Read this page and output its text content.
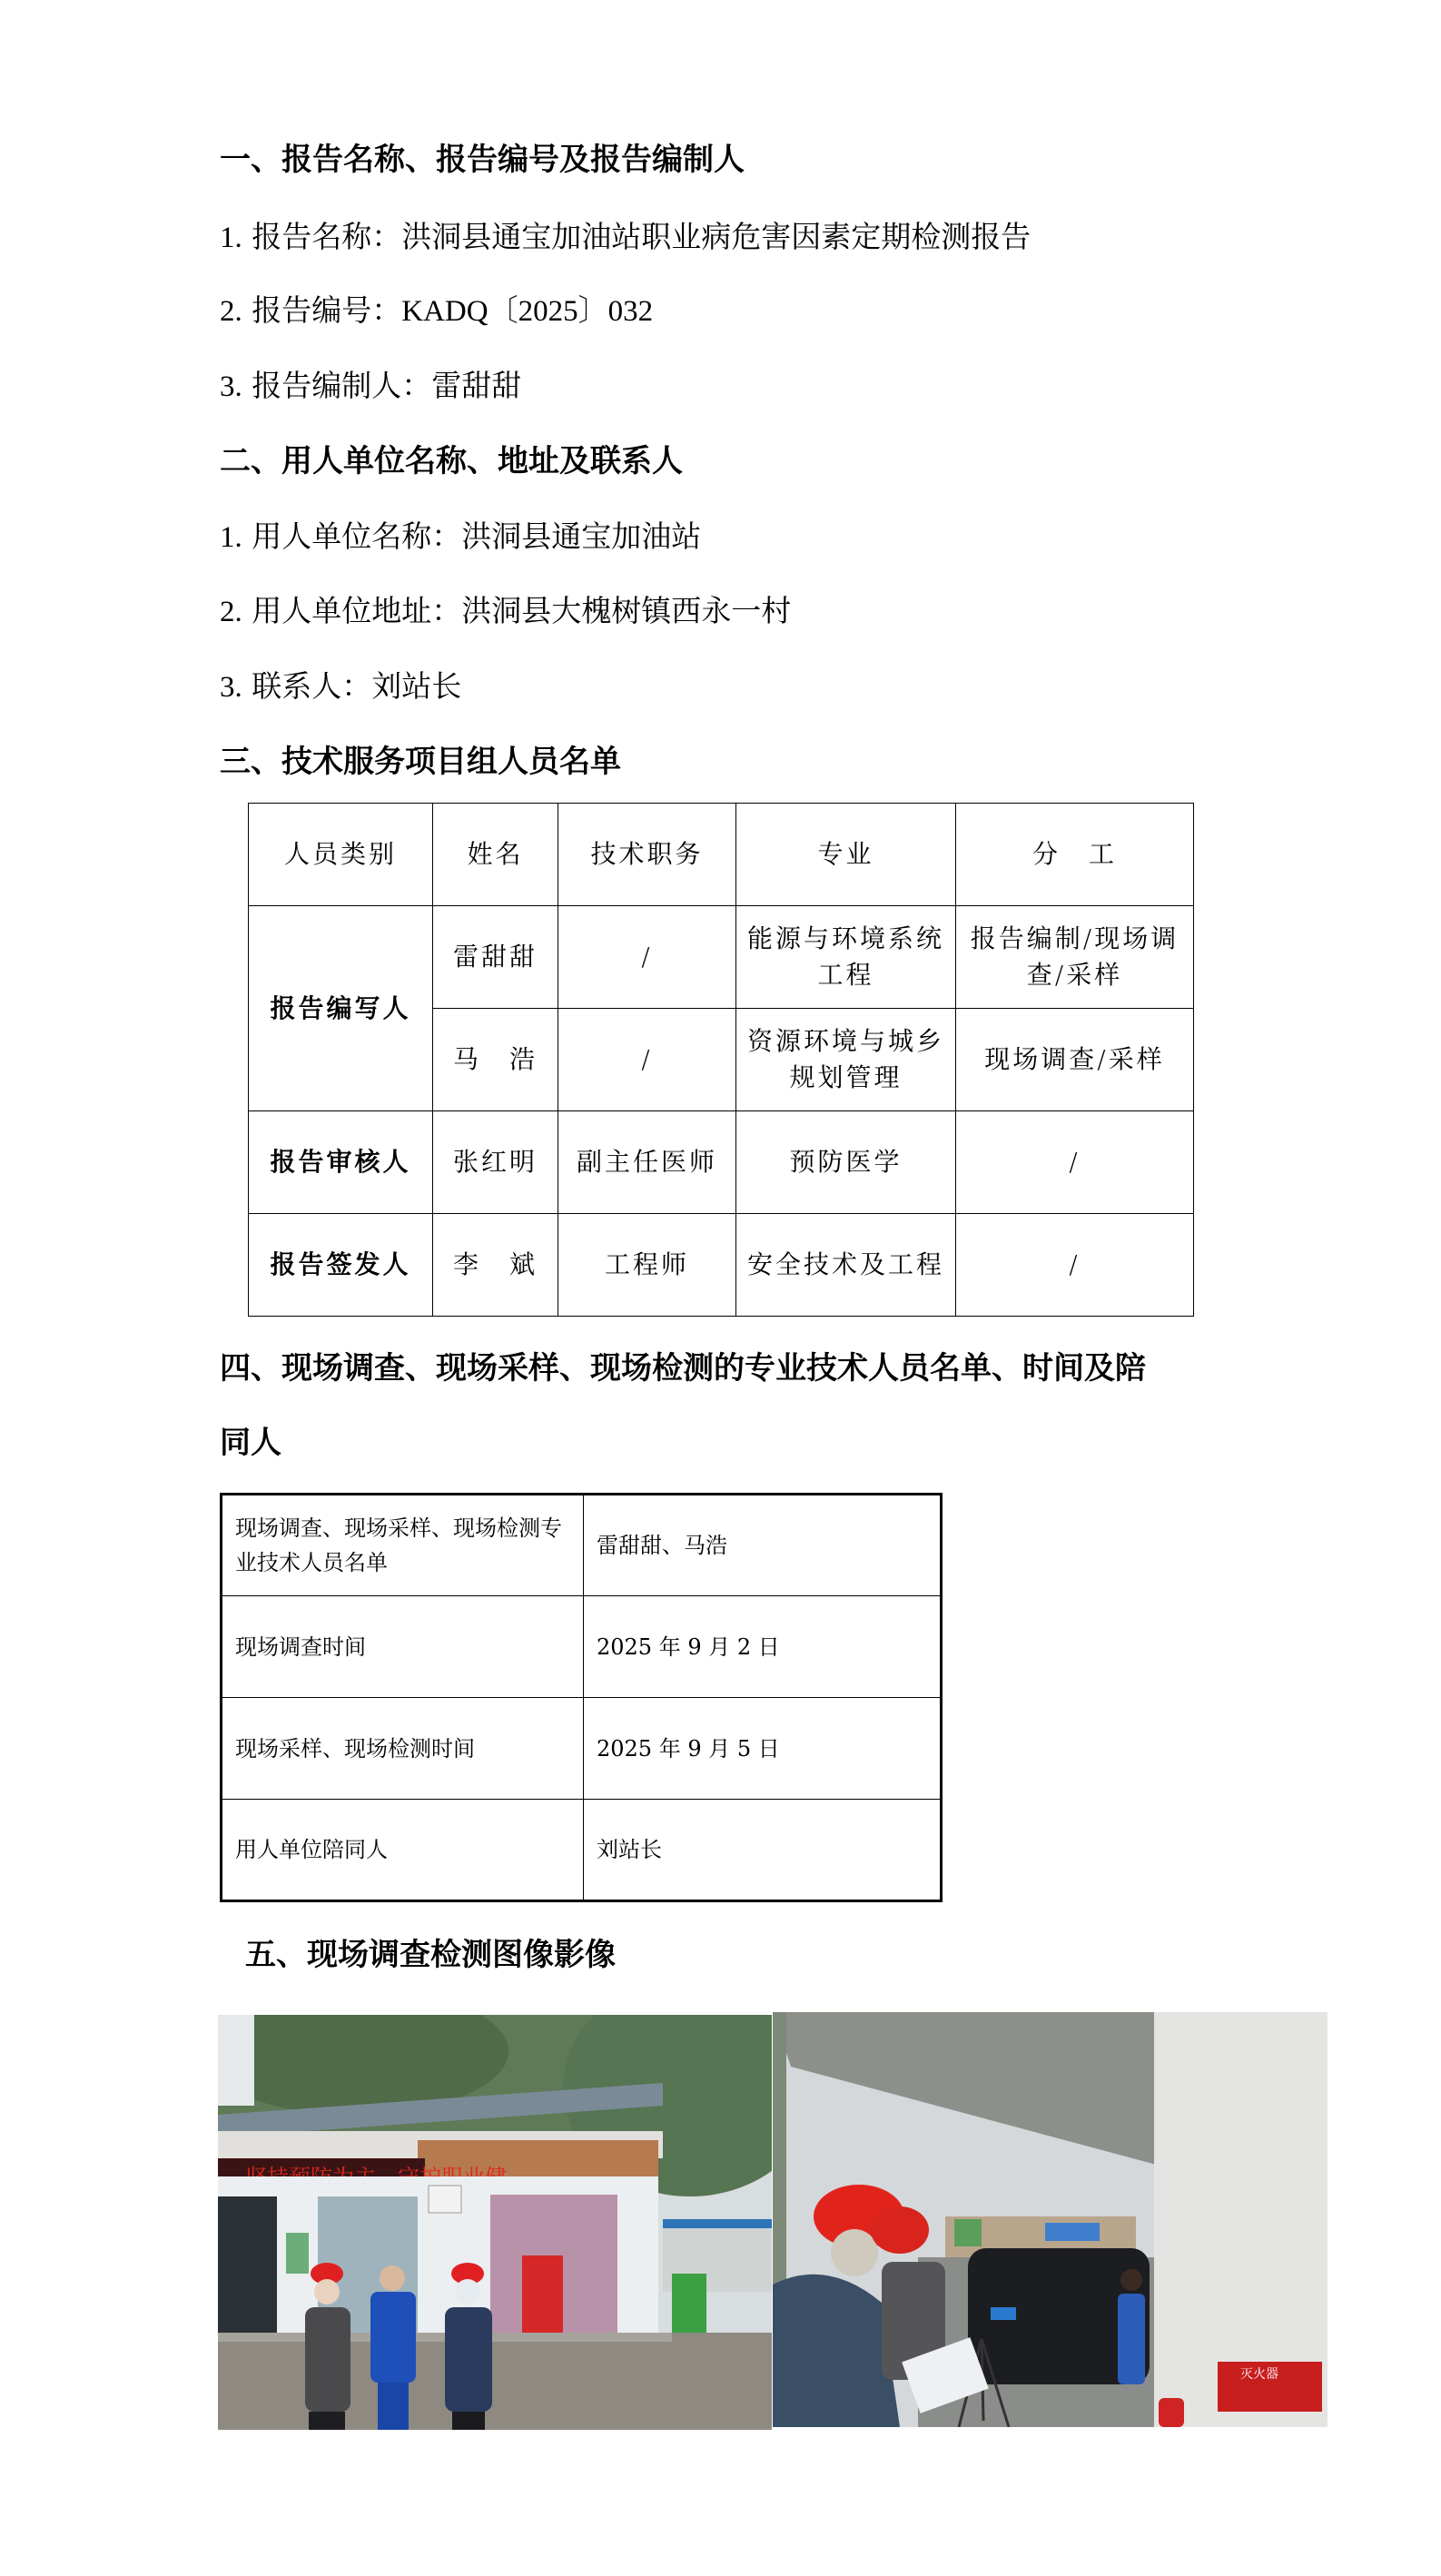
一、报告名称、报告编号及报告编制人
1. 报告名称：洪洞县通宝加油站职业病危害因素定期检测报告
2. 报告编号：KADQ〔2025〕032
3. 报告编制人：雷甜甜
二、用人单位名称、地址及联系人
1. 用人单位名称：洪洞县通宝加油站
2. 用人单位地址：洪洞县大槐树镇西永一村
3. 联系人：刘站长
三、技术服务项目组人员名单
人员类别	姓名	技术职务	专业	分　工
报告编写人	雷甜甜	/	能源与环境系统工程	报告编制/现场调查/采样
	马　浩	/	资源环境与城乡规划管理	现场调查/采样
报告审核人	张红明	副主任医师	预防医学	/
报告签发人	李　斌	工程师	安全技术及工程	/
四、现场调查、现场采样、现场检测的专业技术人员名单、时间及陪
同人
现场调查、现场采样、现场检测专业技术人员名单	雷甜甜、马浩
现场调查时间	2025 年 9 月 2 日
现场采样、现场检测时间	2025 年 9 月 5 日
用人单位陪同人	刘站长
五、现场调查检测图像影像
灭火器
